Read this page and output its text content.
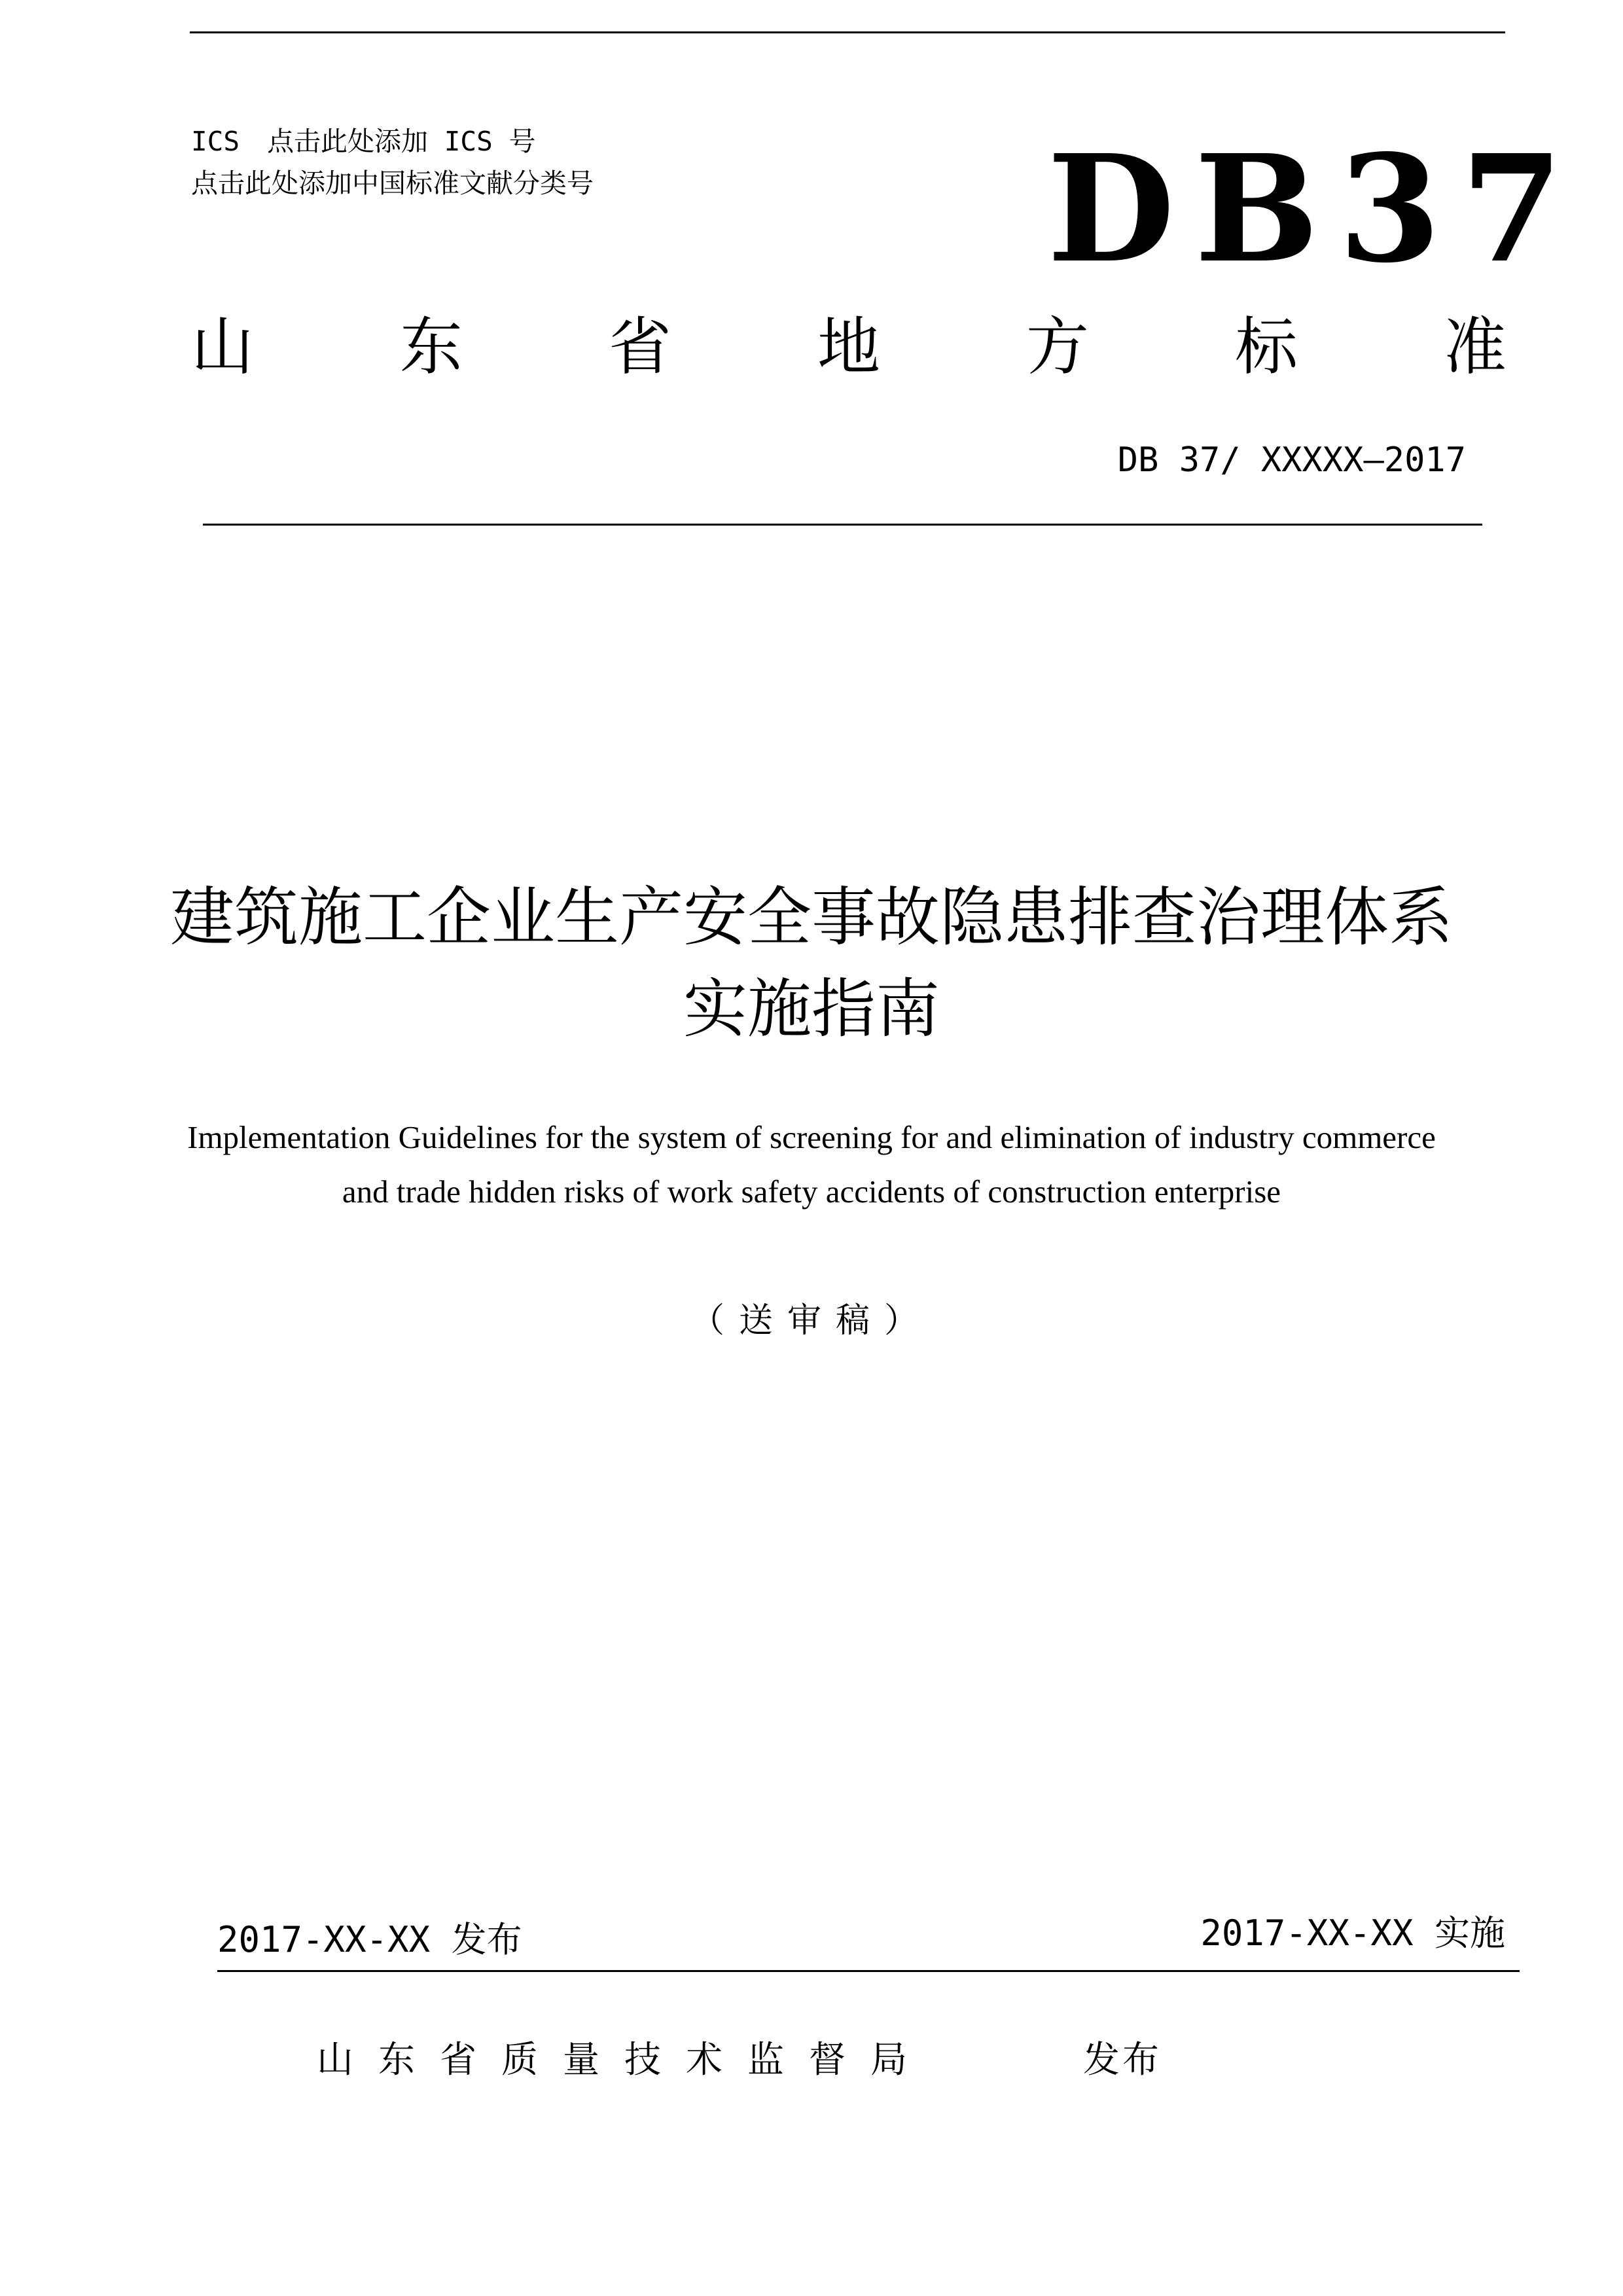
ICS 点击此处添加 ICS 号
点击此处添加中国标准文献分类号	DB37
山 东 省 地 方 标 准
DB 37/ XXXXX—2017
建筑施工企业生产安全事故隐患排查治理体系
实施指南
Implementation Guidelines for the system of screening for and elimination of industry commerce
and trade hidden risks of work safety accidents of construction enterprise
（送审稿）
2017-XX-XX 发布	2017-XX-XX 实施
山东省质量技术监督局	发布
